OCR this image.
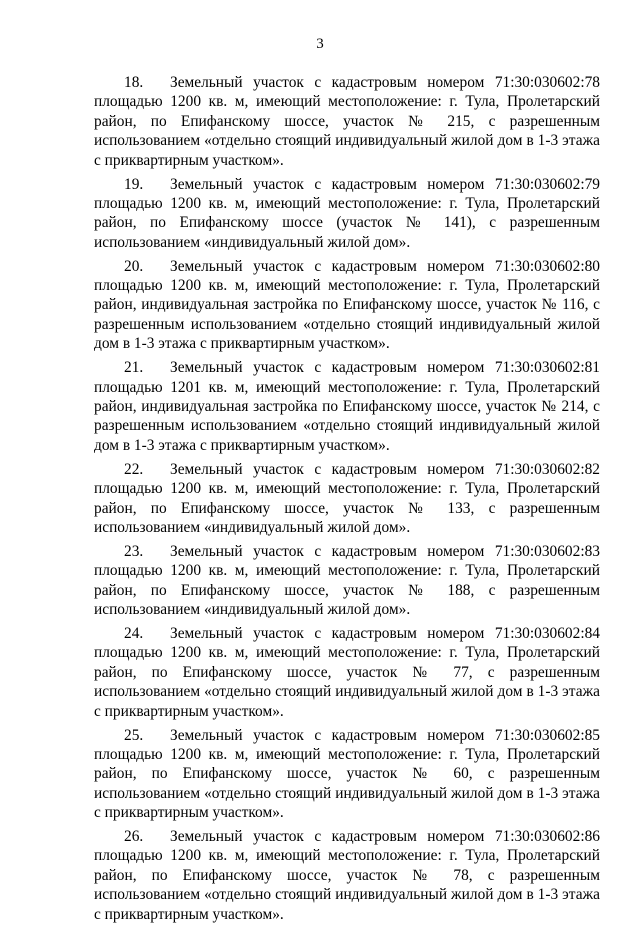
3
18.	Земельный участок с кадастровым номером 71:30:030602:78
площадью 1200 кв. м, имеющий местоположение: г. Тула, Пролетарский
район, по Епифанскому шоссе, участок № 215, с разрешенным
использованием «отдельно стоящий индивидуальный жилой дом в 1-3 этажа
с приквартирным участком».
19.	Земельный участок с кадастровым номером 71:30:030602:79
площадью 1200 кв. м, имеющий местоположение: г. Тула, Пролетарский
район, по Епифанскому шоссе (участок № 141), с разрешенным
использованием «индивидуальный жилой дом».
20.	Земельный участок с кадастровым номером 71:30:030602:80
площадью 1200 кв. м, имеющий местоположение: г. Тула, Пролетарский
район, индивидуальная застройка по Епифанскому шоссе, участок № 116, с
разрешенным использованием «отдельно стоящий индивидуальный жилой
дом в 1-3 этажа с приквартирным участком».
21.	Земельный участок с кадастровым номером 71:30:030602:81
площадью 1201 кв. м, имеющий местоположение: г. Тула, Пролетарский
район, индивидуальная застройка по Епифанскому шоссе, участок № 214, с
разрешенным использованием «отдельно стоящий индивидуальный жилой
дом в 1-3 этажа с приквартирным участком».
22.	Земельный участок с кадастровым номером 71:30:030602:82
площадью 1200 кв. м, имеющий местоположение: г. Тула, Пролетарский
район, по Епифанскому шоссе, участок № 133, с разрешенным
использованием «индивидуальный жилой дом».
23.	Земельный участок с кадастровым номером 71:30:030602:83
площадью 1200 кв. м, имеющий местоположение: г. Тула, Пролетарский
район, по Епифанскому шоссе, участок № 188, с разрешенным
использованием «индивидуальный жилой дом».
24.	Земельный участок с кадастровым номером 71:30:030602:84
площадью 1200 кв. м, имеющий местоположение: г. Тула, Пролетарский
район, по Епифанскому шоссе, участок № 77, с разрешенным
использованием «отдельно стоящий индивидуальный жилой дом в 1-3 этажа
с приквартирным участком».
25.	Земельный участок с кадастровым номером 71:30:030602:85
площадью 1200 кв. м, имеющий местоположение: г. Тула, Пролетарский
район, по Епифанскому шоссе, участок № 60, с разрешенным
использованием «отдельно стоящий индивидуальный жилой дом в 1-3 этажа
с приквартирным участком».
26.	Земельный участок с кадастровым номером 71:30:030602:86
площадью 1200 кв. м, имеющий местоположение: г. Тула, Пролетарский
район, по Епифанскому шоссе, участок № 78, с разрешенным
использованием «отдельно стоящий индивидуальный жилой дом в 1-3 этажа
с приквартирным участком».
